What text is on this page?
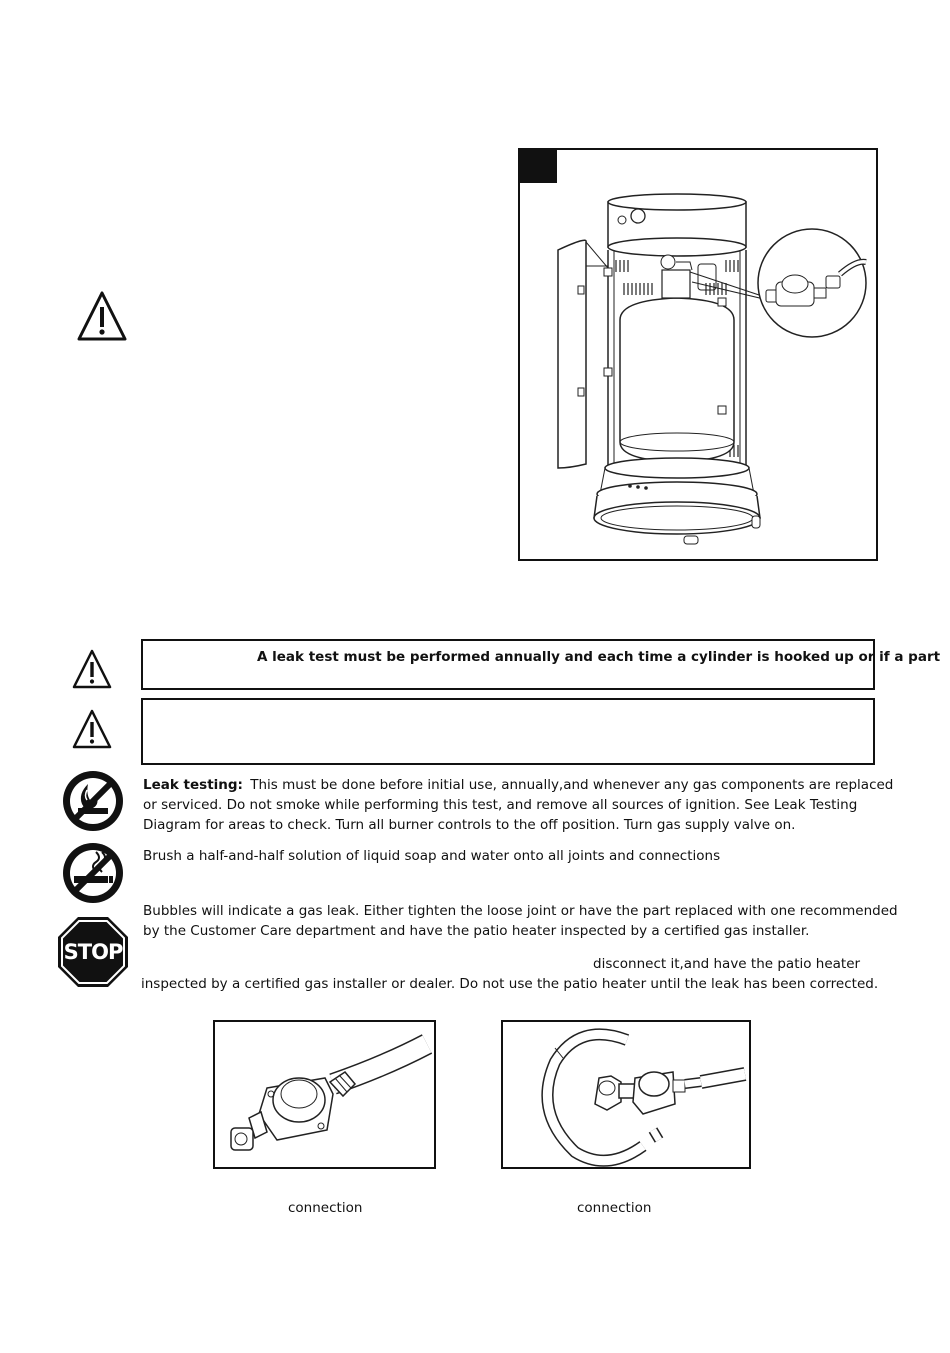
A leak test must be performed annually and each time a cylinder is hooked up or if a part
Leak testing: This must be done before initial use, annually,and whenever any gas components are replaced
or serviced. Do not smoke while performing this test, and remove all sources of ignition. See Leak Testing
Diagram for areas to check. Turn all burner controls to the off position. Turn gas supply valve on.
Brush a half-and-half solution of liquid soap and water onto all joints and connections
STOP
Bubbles will indicate a gas leak. Either tighten the loose joint or have the part replaced with one recommended
by the Customer Care department and have the patio heater inspected by a certified gas installer.
disconnect it,and have the patio heater
inspected by a certified gas installer or dealer. Do not use the patio heater until the leak has been corrected.
connection	connection
